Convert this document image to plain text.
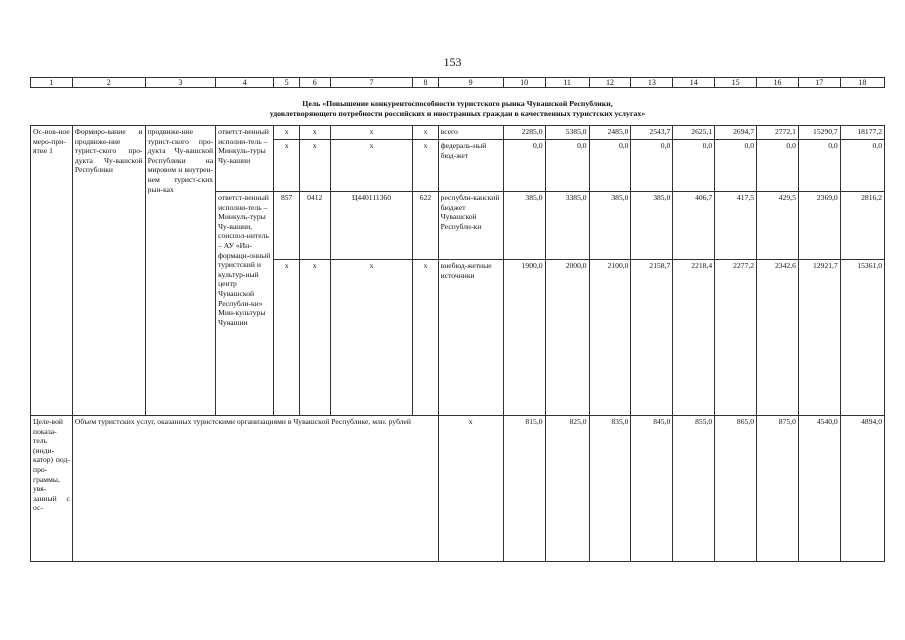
153
1	2	3	4	5	6	7	8	9	10	11	12	13	14	15	16	17	18

Цель «Повышение конкурентоспособности туристского рынка Чувашской Республики,
удовлетворяющего потребности российских и иностранных граждан в качественных туристских услугах»																	

Ос-нов-ное меро-при-ятие 1	Формиро-вание и продвиже-ние турист-ского про-дукта Чу-вашской Республики	продвиже-ние турист-ского про-дукта Чу-вашской Республики на мировом и внутрен-нем турист-ских рын-ках	ответст-венный исполни-тель – Минкуль-туры Чу-вашии	x	x	x	x	всего	2285,0	5385,0	2485,0	2543,7	2625,1	2694,7	2772,1	15290,7	18177,2
				x	x	x	x	федераль-ный бюд-жет	0,0	0,0	0,0	0,0	0,0	0,0	0,0	0,0	0,0
			ответст-венный исполни-тель – Минкуль-туры Чу-вашии, соиспол-нитель – АУ «Ин-формаци-онный туристский и культур-ный центр Чувашской Республи-ки» Мин-культуры Чувашии	857	0412	Ц440111360	622	республи-канский бюджет Чувашской Республи-ки	385,0	3385,0	385,0	385,0	406,7	417,5	429,5	2369,0	2816,2
				x	x	x	x	внебюд-жетные источники	1900,0	2000,0	2100,0	2158,7	2218,4	2277,2	2342,6	12921,7	15361,0
Целе-вой показа-тель (инди-катор) под-про-граммы, увя-занный с ос-	Объем туристских услуг, оказанных туристскими организациями в Чувашской Республике, млн. рублей							x	815,0	825,0	835,0	845,0	855,0	865,0	875,0	4540,0	4894,0
